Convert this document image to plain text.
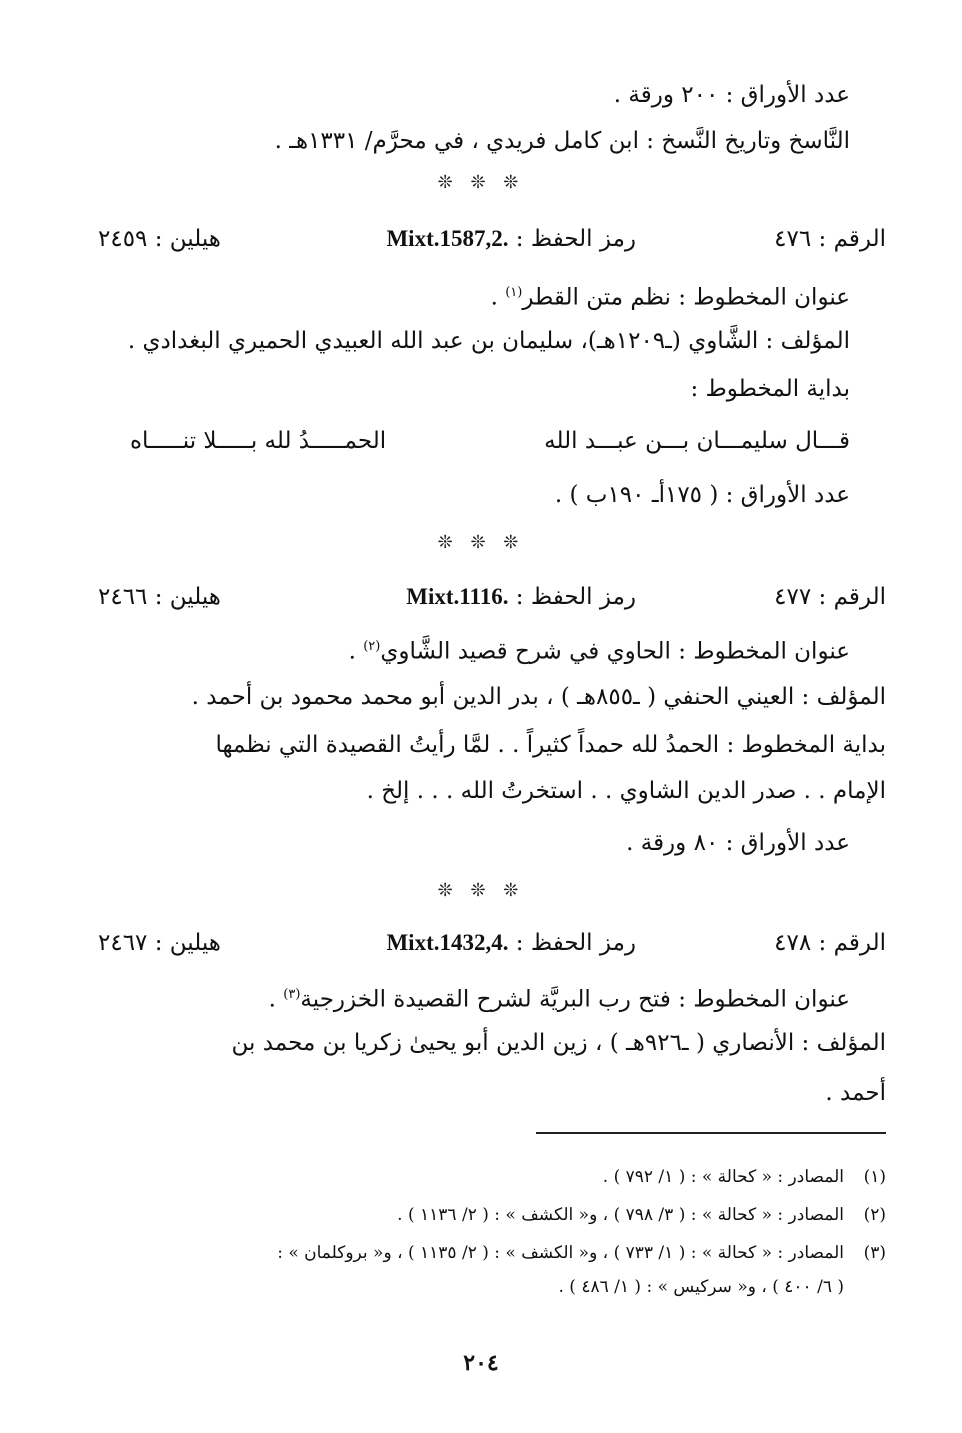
عدد الأوراق : ٢٠٠ ورقة .
النَّاسخ وتاريخ النَّسخ : ابن كامل فريدي ، في محرَّم/ ١٣٣١هـ .
❊ ❊ ❊
الرقم : ٤٧٦
رمز الحفظ : Mixt.1587,2.
هيلين : ٢٤٥٩
عنوان المخطوط : نظم متن القطر$^{(١)}$ .
المؤلف : الشَّاوي (ـ١٢٠٩هـ)، سليمان بن عبد الله العبيدي الحميري البغدادي .
بداية المخطوط :
قـــال سليمـــان بـــن عبـــد الله
الحمـــــدُ لله بـــــلا تنـــــاه
عدد الأوراق : ( ١٧٥أـ ١٩٠ب ) .
❊ ❊ ❊
الرقم : ٤٧٧
رمز الحفظ : Mixt.1116.
هيلين : ٢٤٦٦
عنوان المخطوط : الحاوي في شرح قصيد الشَّاوي$^{(٢)}$ .
المؤلف : العيني الحنفي ( ـ٨٥٥هـ ) ، بدر الدين أبو محمد محمود بن أحمد .
بداية المخطوط : الحمدُ لله حمداً كثيراً . . لمَّا رأيتُ القصيدة التي نظمها
الإمام . . صدر الدين الشاوي . . استخرتُ الله . . . إلخ .
عدد الأوراق : ٨٠ ورقة .
❊ ❊ ❊
الرقم : ٤٧٨
رمز الحفظ : Mixt.1432,4.
هيلين : ٢٤٦٧
عنوان المخطوط : فتح رب البريَّة لشرح القصيدة الخزرجية$^{(٣)}$ .
المؤلف : الأنصاري ( ـ٩٢٦هـ ) ، زين الدين أبو يحيىٰ زكريا بن محمد بن
أحمد .
(١)المصادر : « كحالة » : ( ١/ ٧٩٢ ) .
(٢)المصادر : « كحالة » : ( ٣/ ٧٩٨ ) ، و« الكشف » : ( ٢/ ١١٣٦ ) .
(٣)المصادر : « كحالة » : ( ١/ ٧٣٣ ) ، و« الكشف » : ( ٢/ ١١٣٥ ) ، و« بروكلمان » :
( ٦/ ٤٠٠ ) ، و« سركيس » : ( ١/ ٤٨٦ ) .
٢٠٤
